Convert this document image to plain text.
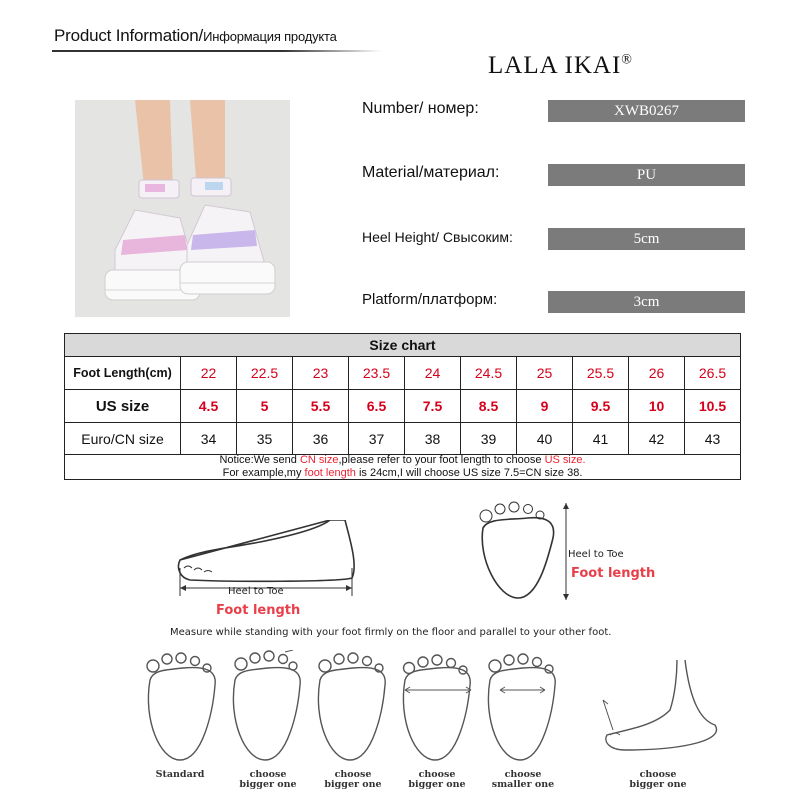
Product Information/Информация продукта
LALA IKAI®
Number/ номер:	XWB0267
Material/материал:	PU
Heel Height/ Свысоким:	5cm
Platform/платформ:	3cm
Size chart
Foot Length(cm)	22	22.5	23	23.5	24	24.5	25	25.5	26	26.5
US size	4.5	5	5.5	6.5	7.5	8.5	9	9.5	10	10.5
Euro/CN size	34	35	36	37	38	39	40	41	42	43
Notice:We send CN size,please refer to your foot length to choose US size.
For example,my foot length is 24cm,I will choose US size 7.5=CN size 38.
Heel to Toe
Foot length
Heel to Toe
Foot length
Measure while standing with your foot firmly on the floor and parallel to your other foot.
Standard	choose
bigger one
choose
bigger one
choose
bigger one
choose
smaller one
choose
bigger one
